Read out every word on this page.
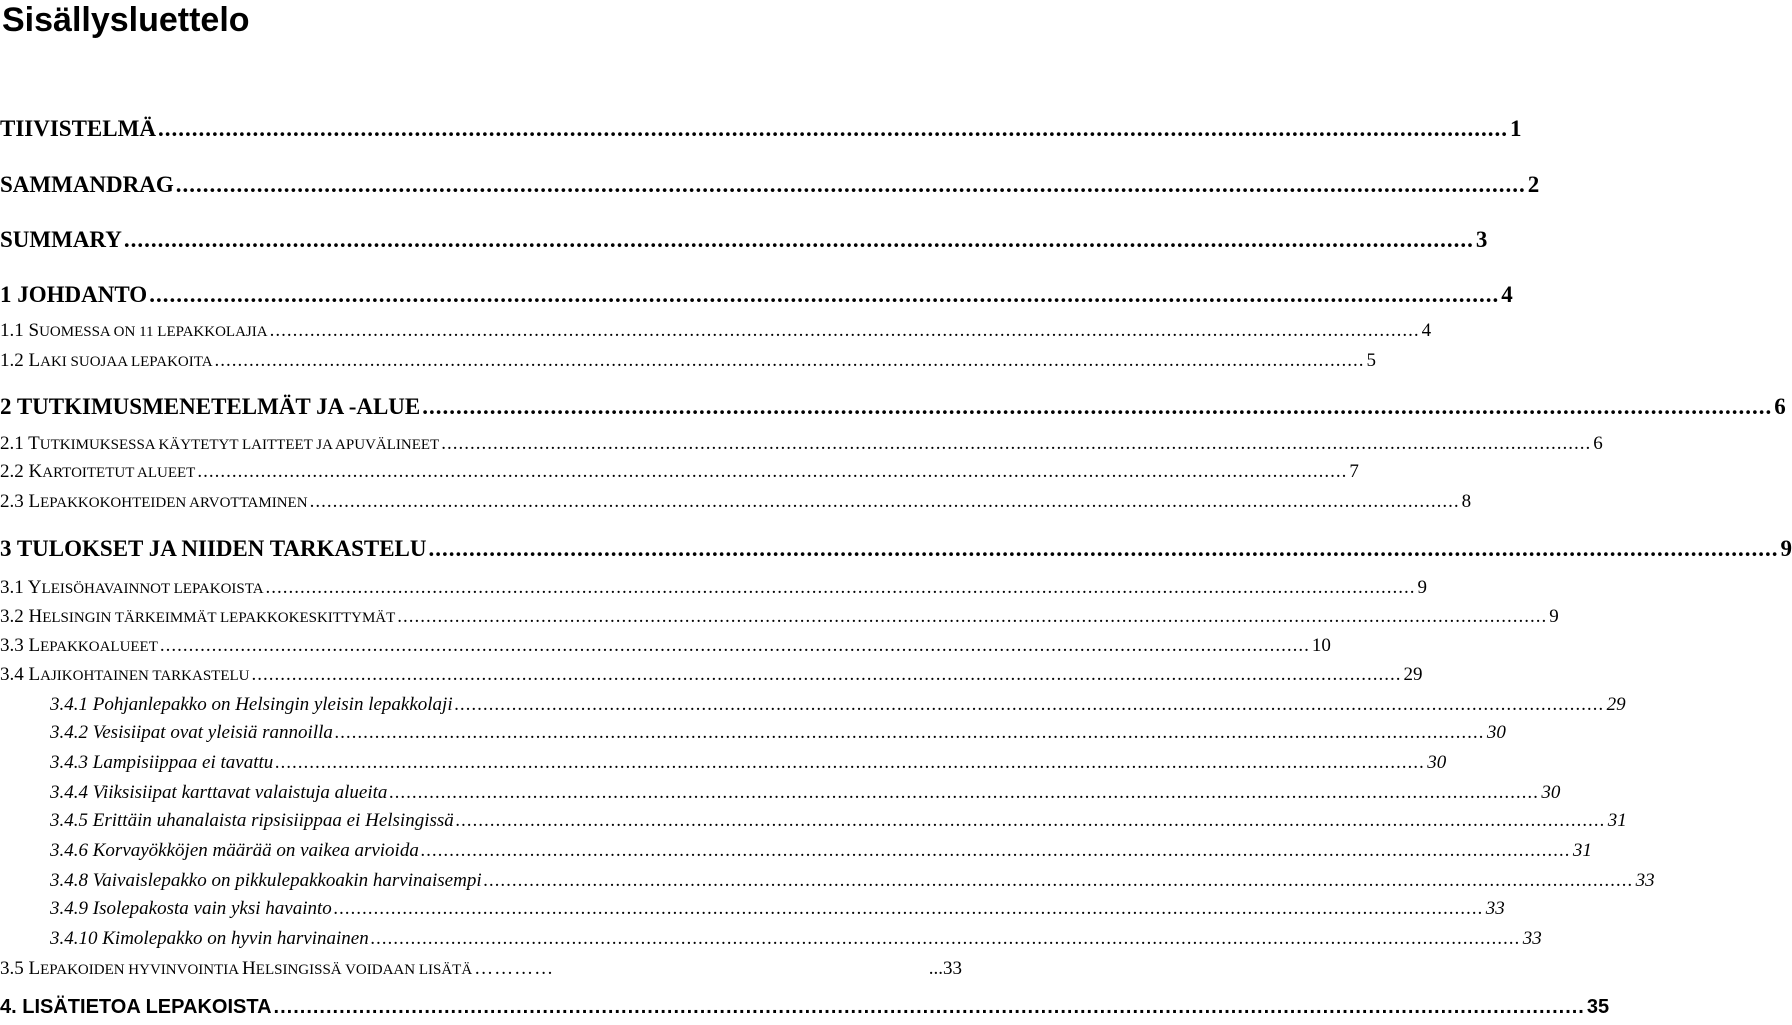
Sisällysluettelo
TIIVISTELMÄ ........................................................................................................................................................................................................ 1
SAMMANDRAG ........................................................................................................................................................................................................ 2
SUMMARY ........................................................................................................................................................................................................ 3
1 JOHDANTO ........................................................................................................................................................................................................ 4
1.1 SUOMESSA ON 11 LEPAKKOLAJIA ........................................................................................................................................................................................................ 4
1.2 LAKI SUOJAA LEPAKOITA ........................................................................................................................................................................................................ 5
2 TUTKIMUSMENETELMÄT JA -ALUE ........................................................................................................................................................................................................ 6
2.1 TUTKIMUKSESSA KÄYTETYT LAITTEET JA APUVÄLINEET ........................................................................................................................................................................................................ 6
2.2 KARTOITETUT ALUEET ........................................................................................................................................................................................................ 7
2.3 LEPAKKOKOHTEIDEN ARVOTTAMINEN ........................................................................................................................................................................................................ 8
3 TULOKSET JA NIIDEN TARKASTELU ........................................................................................................................................................................................................ 9
3.1 YLEISÖHAVAINNOT LEPAKOISTA ........................................................................................................................................................................................................ 9
3.2 HELSINGIN TÄRKEIMMÄT LEPAKKOKESKITTYMÄT ........................................................................................................................................................................................................ 9
3.3 LEPAKKOALUEET ........................................................................................................................................................................................................ 10
3.4 LAJIKOHTAINEN TARKASTELU ........................................................................................................................................................................................................ 29
3.4.1 Pohjanlepakko on Helsingin yleisin lepakkolaji ........................................................................................................................................................................................................ 29
3.4.2 Vesisiipat ovat yleisiä rannoilla ........................................................................................................................................................................................................ 30
3.4.3 Lampisiippaa ei tavattu ........................................................................................................................................................................................................ 30
3.4.4 Viiksisiipat karttavat valaistuja alueita ........................................................................................................................................................................................................ 30
3.4.5 Erittäin uhanalaista ripsisiippaa ei Helsingissä ........................................................................................................................................................................................................ 31
3.4.6 Korvayökköjen määrää on vaikea arvioida ........................................................................................................................................................................................................ 31
3.4.8 Vaivaislepakko on pikkulepakkoakin harvinaisempi ........................................................................................................................................................................................................ 33
3.4.9 Isolepakosta vain yksi havainto ........................................................................................................................................................................................................ 33
3.4.10 Kimolepakko on hyvin harvinainen ........................................................................................................................................................................................................ 33
3.5 LEPAKOIDEN HYVINVOINTIA HELSINGISSÄ VOIDAAN LISÄTÄ …………	...33
4. LISÄTIETOA LEPAKOISTA ........................................................................................................................................................................................................ 35
